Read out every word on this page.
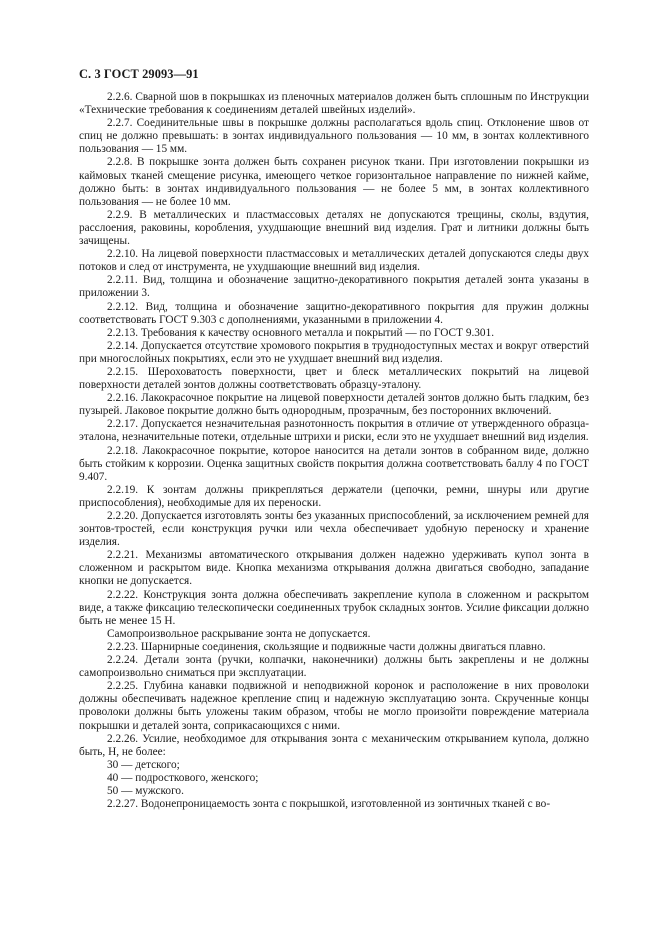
С. 3 ГОСТ 29093—91

2.2.6. Сварной шов в покрышках из пленочных материалов должен быть сплошным по Инструкции «Технические требования к соединениям деталей швейных изделий».

2.2.7. Соединительные швы в покрышке должны располагаться вдоль спиц. Отклонение швов от спиц не должно превышать: в зонтах индивидуального пользования — 10 мм, в зонтах коллективного пользования — 15 мм.

2.2.8. В покрышке зонта должен быть сохранен рисунок ткани. При изготовлении покрышки из каймовых тканей смещение рисунка, имеющего четкое горизонтальное направление по нижней кайме, должно быть: в зонтах индивидуального пользования — не более 5 мм, в зонтах коллективного пользования — не более 10 мм.

2.2.9. В металлических и пластмассовых деталях не допускаются трещины, сколы, вздутия, расслоения, раковины, коробления, ухудшающие внешний вид изделия. Грат и литники должны быть зачищены.

2.2.10. На лицевой поверхности пластмассовых и металлических деталей допускаются следы двух потоков и след от инструмента, не ухудшающие внешний вид изделия.

2.2.11. Вид, толщина и обозначение защитно-декоративного покрытия деталей зонта указаны в приложении 3.

2.2.12. Вид, толщина и обозначение защитно-декоративного покрытия для пружин должны соответствовать ГОСТ 9.303 с дополнениями, указанными в приложении 4.

2.2.13. Требования к качеству основного металла и покрытий — по ГОСТ 9.301.

2.2.14. Допускается отсутствие хромового покрытия в труднодоступных местах и вокруг отверстий при многослойных покрытиях, если это не ухудшает внешний вид изделия.

2.2.15. Шероховатость поверхности, цвет и блеск металлических покрытий на лицевой поверхности деталей зонтов должны соответствовать образцу-эталону.

2.2.16. Лакокрасочное покрытие на лицевой поверхности деталей зонтов должно быть гладким, без пузырей. Лаковое покрытие должно быть однородным, прозрачным, без посторонних включений.

2.2.17. Допускается незначительная разнотонность покрытия в отличие от утвержденного образца-эталона, незначительные потеки, отдельные штрихи и риски, если это не ухудшает внешний вид изделия.

2.2.18. Лакокрасочное покрытие, которое наносится на детали зонтов в собранном виде, должно быть стойким к коррозии. Оценка защитных свойств покрытия должна соответствовать баллу 4 по ГОСТ 9.407.

2.2.19. К зонтам должны прикрепляться держатели (цепочки, ремни, шнуры или другие приспособления), необходимые для их переноски.

2.2.20. Допускается изготовлять зонты без указанных приспособлений, за исключением ремней для зонтов-тростей, если конструкция ручки или чехла обеспечивает удобную переноску и хранение изделия.

2.2.21. Механизмы автоматического открывания должен надежно удерживать купол зонта в сложенном и раскрытом виде. Кнопка механизма открывания должна двигаться свободно, западание кнопки не допускается.

2.2.22. Конструкция зонта должна обеспечивать закрепление купола в сложенном и раскрытом виде, а также фиксацию телескопически соединенных трубок складных зонтов. Усилие фиксации должно быть не менее 15 Н.

Самопроизвольное раскрывание зонта не допускается.

2.2.23. Шарнирные соединения, скользящие и подвижные части должны двигаться плавно.

2.2.24. Детали зонта (ручки, колпачки, наконечники) должны быть закреплены и не должны самопроизвольно сниматься при эксплуатации.

2.2.25. Глубина канавки подвижной и неподвижной коронок и расположение в них проволоки должны обеспечивать надежное крепление спиц и надежную эксплуатацию зонта. Скрученные концы проволоки должны быть уложены таким образом, чтобы не могло произойти повреждение материала покрышки и деталей зонта, соприкасающихся с ними.

2.2.26. Усилие, необходимое для открывания зонта с механическим открыванием купола, должно быть, Н, не более:

30 — детского;

40 — подросткового, женского;

50 — мужского.

2.2.27. Водонепроницаемость зонта с покрышкой, изготовленной из зонтичных тканей с во-
